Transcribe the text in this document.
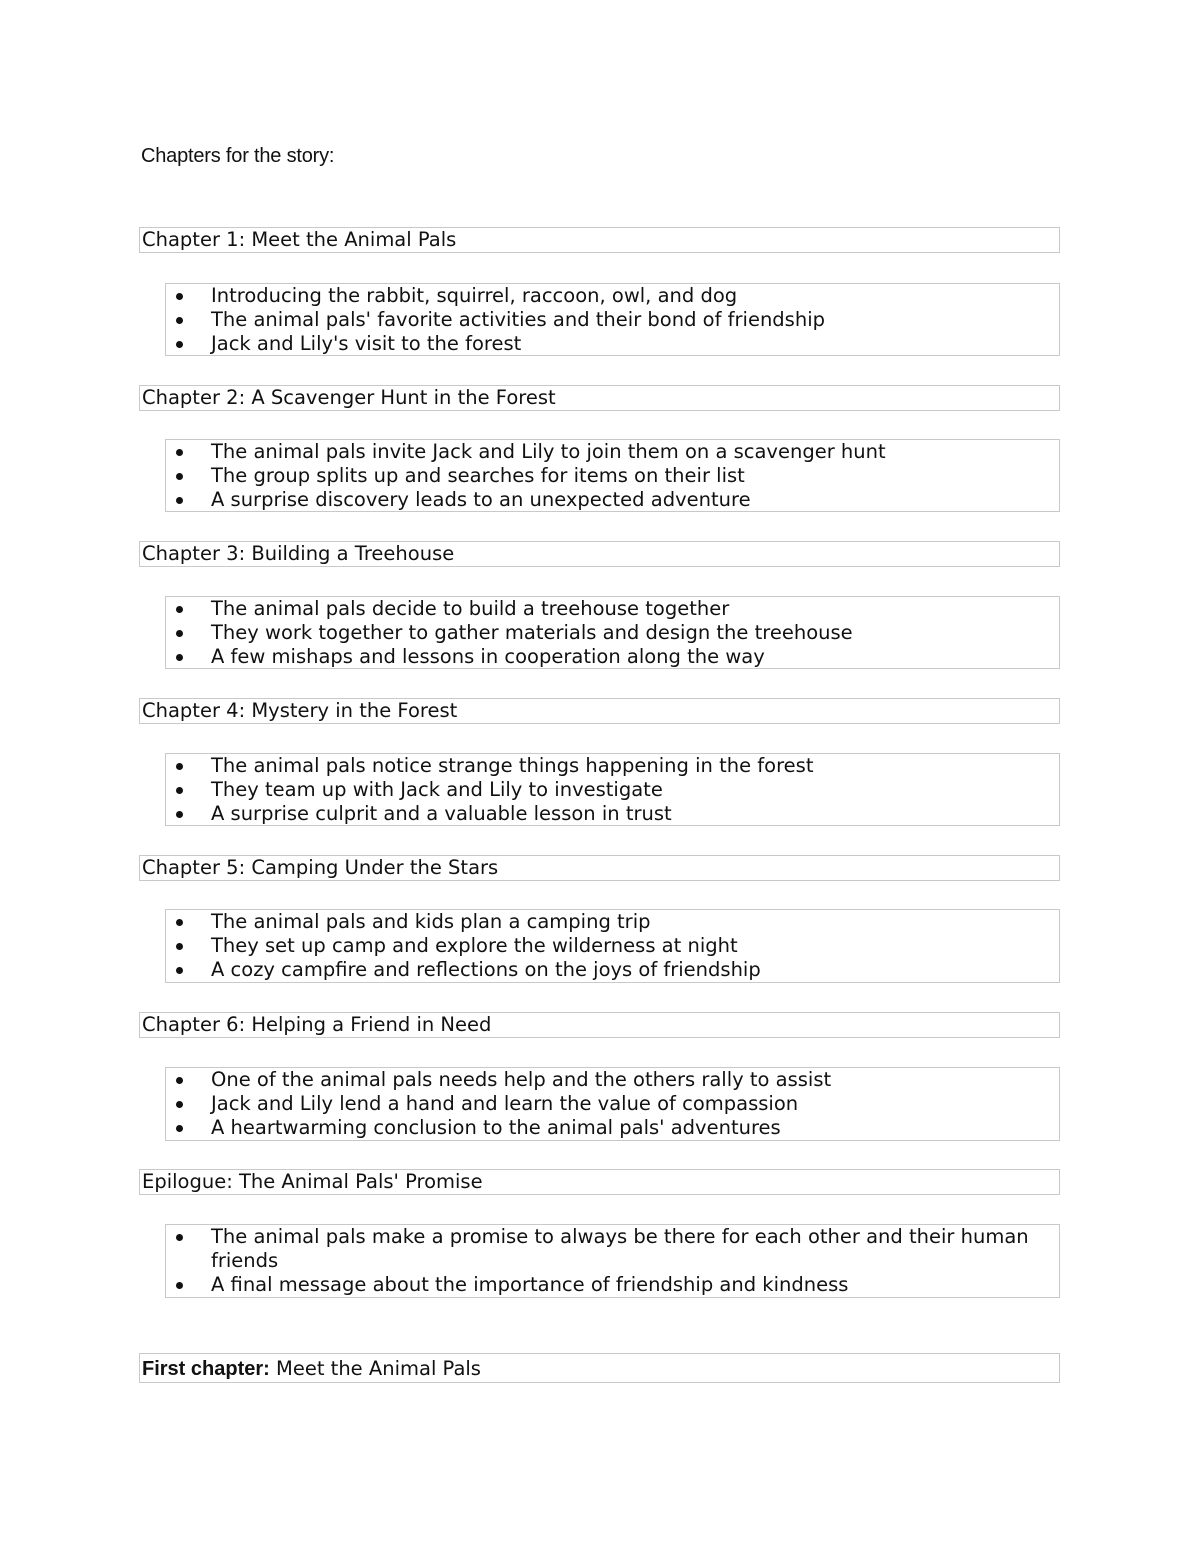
Chapters for the story:
Chapter 1: Meet the Animal Pals
Introducing the rabbit, squirrel, raccoon, owl, and dog
The animal pals' favorite activities and their bond of friendship
Jack and Lily's visit to the forest
Chapter 2: A Scavenger Hunt in the Forest
The animal pals invite Jack and Lily to join them on a scavenger hunt
The group splits up and searches for items on their list
A surprise discovery leads to an unexpected adventure
Chapter 3: Building a Treehouse
The animal pals decide to build a treehouse together
They work together to gather materials and design the treehouse
A few mishaps and lessons in cooperation along the way
Chapter 4: Mystery in the Forest
The animal pals notice strange things happening in the forest
They team up with Jack and Lily to investigate
A surprise culprit and a valuable lesson in trust
Chapter 5: Camping Under the Stars
The animal pals and kids plan a camping trip
They set up camp and explore the wilderness at night
A cozy campfire and reflections on the joys of friendship
Chapter 6: Helping a Friend in Need
One of the animal pals needs help and the others rally to assist
Jack and Lily lend a hand and learn the value of compassion
A heartwarming conclusion to the animal pals' adventures
Epilogue: The Animal Pals' Promise
The animal pals make a promise to always be there for each other and their human friends
A final message about the importance of friendship and kindness
First chapter: Meet the Animal Pals
